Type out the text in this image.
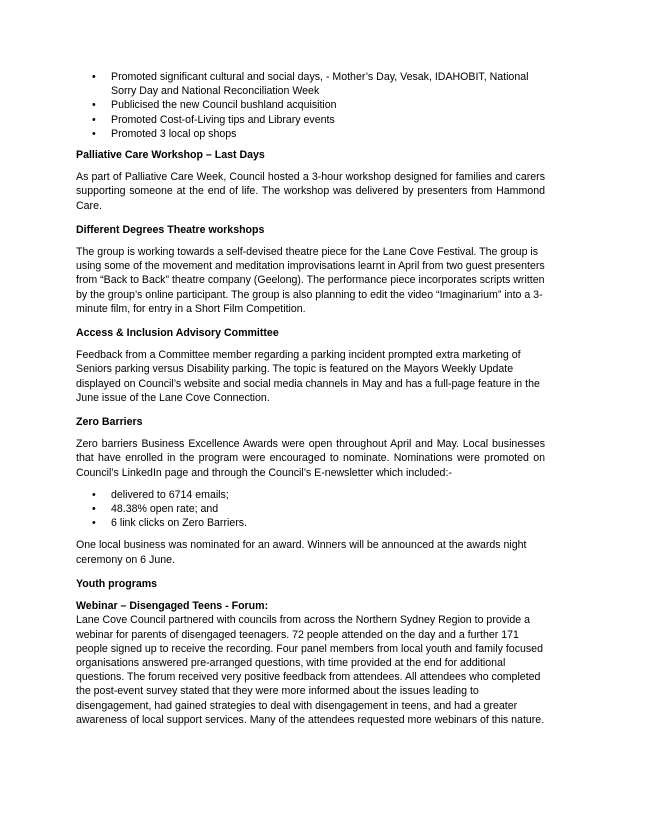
• Promoted significant cultural and social days, - Mother’s Day, Vesak, IDAHOBIT, National Sorry Day and National Reconciliation Week
• Publicised the new Council bushland acquisition
• Promoted Cost-of-Living tips and Library events
• Promoted 3 local op shops

Palliative Care Workshop – Last Days

As part of Palliative Care Week, Council hosted a 3-hour workshop designed for families and carers supporting someone at the end of life. The workshop was delivered by presenters from Hammond Care.

Different Degrees Theatre workshops

The group is working towards a self-devised theatre piece for the Lane Cove Festival. The group is using some of the movement and meditation improvisations learnt in April from two guest presenters from “Back to Back” theatre company (Geelong). The performance piece incorporates scripts written by the group’s online participant. The group is also planning to edit the video “Imaginarium” into a 3-minute film, for entry in a Short Film Competition.

Access & Inclusion Advisory Committee

Feedback from a Committee member regarding a parking incident prompted extra marketing of Seniors parking versus Disability parking. The topic is featured on the Mayors Weekly Update displayed on Council’s website and social media channels in May and has a full-page feature in the June issue of the Lane Cove Connection.

Zero Barriers

Zero barriers Business Excellence Awards were open throughout April and May. Local businesses that have enrolled in the program were encouraged to nominate. Nominations were promoted on Council’s LinkedIn page and through the Council’s E-newsletter which included:-

• delivered to 6714 emails;
• 48.38% open rate; and
• 6 link clicks on Zero Barriers.

One local business was nominated for an award. Winners will be announced at the awards night ceremony on 6 June.

Youth programs

Webinar – Disengaged Teens - Forum:

Lane Cove Council partnered with councils from across the Northern Sydney Region to provide a webinar for parents of disengaged teenagers. 72 people attended on the day and a further 171 people signed up to receive the recording. Four panel members from local youth and family focused organisations answered pre-arranged questions, with time provided at the end for additional questions. The forum received very positive feedback from attendees. All attendees who completed the post-event survey stated that they were more informed about the issues leading to disengagement, had gained strategies to deal with disengagement in teens, and had a greater awareness of local support services. Many of the attendees requested more webinars of this nature.
